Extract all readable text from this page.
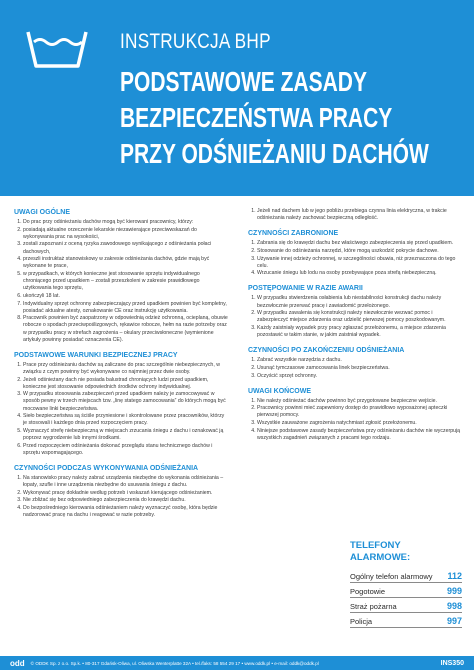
INSTRUKCJA BHP
PODSTAWOWE ZASADY
BEZPIECZEŃSTWA PRACY
PRZY ODŚNIEŻANIU DACHÓW
UWAGI OGÓLNE
1. Do prac przy odśnieżaniu dachów mogą być kierowani pracownicy, którzy:
2. posiadają aktualne orzeczenie lekarskie niezawierające przeciwwskazań do wykonywania prac na wysokości,
3. zostali zapoznani z oceną ryzyka zawodowego wynikającego z odśnieżania połaci dachowych,
4. przeszli instruktaż stanowiskowy w zakresie odśnieżania dachów, gdzie mają być wykonane te prace,
5. w przypadkach, w których konieczne jest stosowanie sprzętu indywidualnego chroniącego przed upadkiem – zostali przeszkoleni w zakresie prawidłowego użytkowania tego sprzętu,
6. ukończyli 18 lat.
7. Indywidualny sprzęt ochronny zabezpieczający przed upadkiem powinien być kompletny, posiadać aktualne atesty, oznakowanie CE oraz instrukcję użytkowania.
8. Pracownik powinien być zaopatrzony w odpowiednią odzież ochronną, ocieplaną, obuwie robocze o spodach przeciwpoślizgowych, rękawice robocze, hełm na razie potrzeby oraz w przypadku pracy w strefach zagrożenia – okulary przeciwsłoneczne (wymienione artykuły powinny posiadać oznaczenia CE).
PODSTAWOWE WARUNKI BEZPIECZNEJ PRACY
1. Prace przy odśnieżaniu dachów są zaliczane do prac szczególnie niebezpiecznych, w związku z czym powinny być wykonywane co najmniej przez dwie osoby.
2. Jeżeli odśnieżany dach nie posiada balustrad chroniących ludzi przed upadkiem, konieczne jest stosowanie odpowiednich środków ochrony indywidualnej.
3. W przypadku stosowania zabezpieczeń przed upadkiem należy je zamocowywać w sposób pewny w trzech miejscach tzw. „linę statego zamocowania” do których mogą być mocowane linki bezpieczeństwa.
4. Sieło bezpieczeństwa są ściśle przyniesione i skontrolowane przez pracowników, którzy je stosowali i każdego dnia przed rozpoczęciem pracy.
5. Wyznaczyć strefę niebezpieczną w miejscach zrzucania śniegu z dachu i oznakować ją poprzez wygrodzenie lub innymi środkami.
6. Przed rozpoczęciem odśnieżania dokonać przeglądu stanu technicznego dachów i sprzętu wspomagającego.
CZYNNOŚCI PODCZAS WYKONYWANIA ODŚNIEŻANIA
1. Na stanowisko pracy należy zabrać urządzenia niezbędne do wykonania odśnieżania – łopaty, szufle i inne urządzenia niezbędne do usuwania śniegu z dachu.
2. Wykonywać pracę dokładnie według potrzeb i wskazań kierującego odśnieżaniem.
3. Nie zbliżać się bez odpowiedniego zabezpieczenia do krawędzi dachu.
4. Do bezpośredniego kierowania odśnieżaniem należy wyznaczyć osobę, która będzie nadzorować pracę na dachu i reagować w razie potrzeby.
1. Jeżeli nad dachem lub w jego pobliżu przebiega czynna linia elektryczna, w trakcie odśnieżania należy zachować bezpieczną odległość.
CZYNNOŚCI ZABRONIONE
1. Zabrania się do krawędzi dachu bez właściwego zabezpieczenia się przed upadkiem.
2. Stosowanie do odśnieżania narzędzi, które mogą uszkodzić pokrycie dachowe.
3. Używanie innej odzieży ochronnej, w szczególności obuwia, niż przeznaczona do tego celu.
4. Wrzucanie śniegu lub lodu na osoby przebywające poza strefą niebezpieczną.
POSTĘPOWANIE W RAZIE AWARII
1. W przypadku stwierdzenia osłabienia lub niestabilności konstrukcji dachu należy bezzwłocznie przerwać pracę i zawiadomić przełożonego.
2. W przypadku zawalenia się konstrukcji należy niezwłocznie wezwać pomoc i zabezpieczyć miejsce zdarzenia oraz udzielić pierwszej pomocy poszkodowanym.
3. Każdy zaistniały wypadek przy pracy zgłaszać przełożonemu, a miejsce zdarzenia pozostawić w takim stanie, w jakim zaistniał wypadek.
CZYNNOŚCI PO ZAKOŃCZENIU ODŚNIEŻANIA
1. Zabrać wszystkie narzędzia z dachu.
2. Usunąć tymczasowe zamocowania linek bezpieczeństwa.
3. Oczyścić sprzęt ochronny.
UWAGI KOŃCOWE
1. Nie należy odśnieżać dachów powinno być przygotowane bezpieczne wejście.
2. Pracownicy powinni mieć zapewniony dostęp do prawidłowo wyposażonej apteczki pierwszej pomocy.
3. Wszystkie zauważone zagrożenia natychmiast zgłosić przełożonemu.
4. Niniejsze podstawowe zasady bezpieczeństwa przy odśnieżaniu dachów nie wyczerpują wszystkich zagadnień związanych z pracami tego rodzaju.
TELEFONY ALARMOWE:
Ogólny telefon alarmowy 112
Pogotowie	999
Straż pożarna	998
Policja	997
odd © ODDK Sp. z o.o. Sp.k. • 80-317 Gdańsk-Oliwa, ul. Oliwska Wenterplatte 32A • tel./faks: 58 554 29 17 • www.oddk.pl • e-mail: oddk@oddk.pl	INS350
